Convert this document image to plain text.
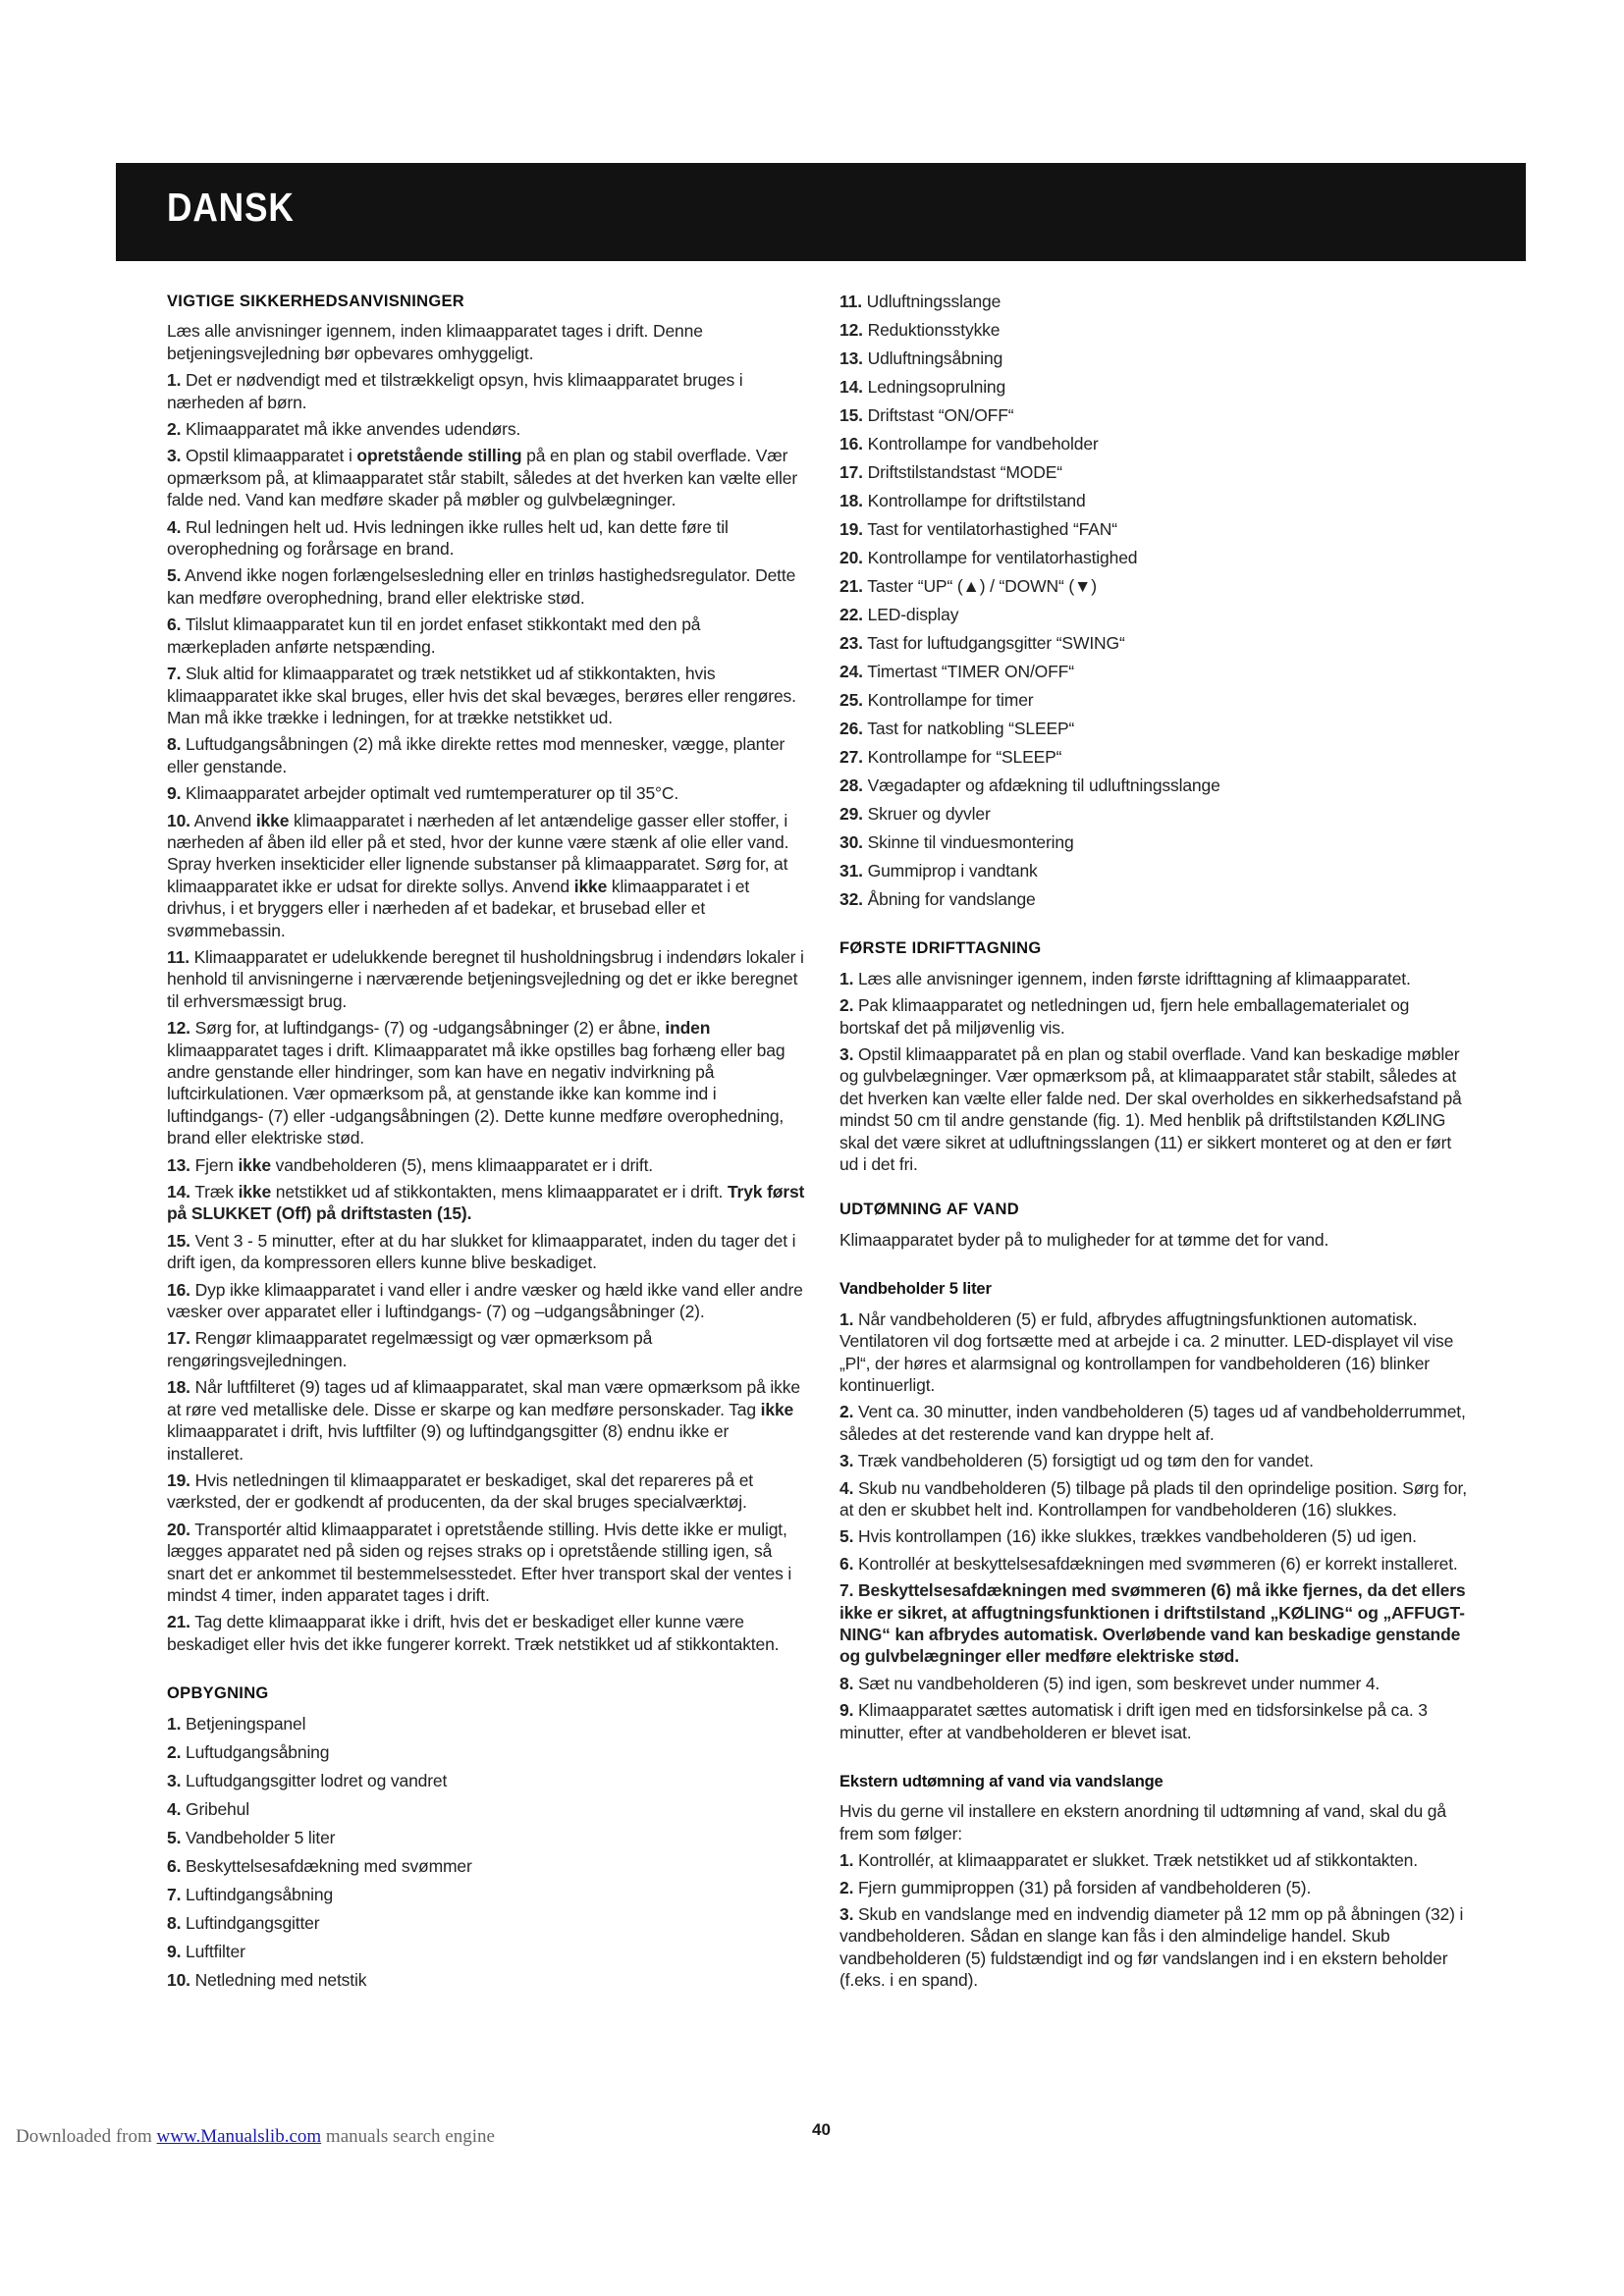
DANSK
VIGTIGE SIKKERHEDSANVISNINGER

Læs alle anvisninger igennem, inden klimaapparatet tages i drift. Denne betjeningsvejledning bør opbevares omhyggeligt.

1. Det er nødvendigt med et tilstrækkeligt opsyn, hvis klimaapparatet bruges i nærheden af børn.

2. Klimaapparatet må ikke anvendes udendørs.

3. Opstil klimaapparatet i opretstående stilling på en plan og stabil overflade. Vær opmærksom på, at klimaapparatet står stabilt, således at det hverken kan vælte eller falde ned. Vand kan medføre skader på møbler og gulvbelægninger.

4. Rul ledningen helt ud. Hvis ledningen ikke rulles helt ud, kan dette føre til overophedning og forårsage en brand.

5. Anvend ikke nogen forlængelsesledning eller en trinløs hastighedsregulator. Dette kan medføre overophedning, brand eller elektriske stød.

6. Tilslut klimaapparatet kun til en jordet enfaset stikkontakt med den på mærkepladen anførte netspænding.

7. Sluk altid for klimaapparatet og træk netstikket ud af stikkontakten, hvis klimaapparatet ikke skal bruges, eller hvis det skal bevæges, berøres eller rengøres. Man må ikke trække i ledningen, for at trække netstikket ud.

8. Luftudgangsåbningen (2) må ikke direkte rettes mod mennesker, vægge, planter eller genstande.

9. Klimaapparatet arbejder optimalt ved rumtemperaturer op til 35°C.

10. Anvend ikke klimaapparatet i nærheden af let antændelige gasser eller stoffer, i nærheden af åben ild eller på et sted, hvor der kunne være stænk af olie eller vand. Spray hverken insekticider eller lignende substanser på klimaapparatet. Sørg for, at klimaapparatet ikke er udsat for direkte sollys. Anvend ikke klimaapparatet i et drivhus, i et bryggers eller i nærheden af et badekar, et brusebad eller et svømmebassin.

11. Klimaapparatet er udelukkende beregnet til husholdningsbrug i indendørs lokaler i henhold til anvisningerne i nærværende betjeningsvejledning og det er ikke beregnet til erhversmæssigt brug.

12. Sørg for, at luftindgangs- (7) og -udgangsåbninger (2) er åbne, inden klimaapparatet tages i drift. Klimaapparatet må ikke opstilles bag forhæng eller bag andre genstande eller hindringer, som kan have en negativ indvirkning på luftcirkulationen. Vær opmærksom på, at genstande ikke kan komme ind i luftindgangs- (7) eller -udgangsåbningen (2). Dette kunne medføre overophedning, brand eller elektriske stød.

13. Fjern ikke vandbeholderen (5), mens klimaapparatet er i drift.

14. Træk ikke netstikket ud af stikkontakten, mens klimaapparatet er i drift. Tryk først på SLUKKET (Off) på driftstasten (15).

15. Vent 3 - 5 minutter, efter at du har slukket for klimaapparatet, inden du tager det i drift igen, da kompressoren ellers kunne blive beskadiget.

16. Dyp ikke klimaapparatet i vand eller i andre væsker og hæld ikke vand eller andre væsker over apparatet eller i luftindgangs- (7) og –udgangsåbninger (2).

17. Rengør klimaapparatet regelmæssigt og vær opmærksom på rengøringsvejledningen.

18. Når luftfilteret (9) tages ud af klimaapparatet, skal man være opmærksom på ikke at røre ved metalliske dele. Disse er skarpe og kan medføre personskader. Tag ikke klimaapparatet i drift, hvis luftfilter (9) og luftindgangsgitter (8) endnu ikke er installeret.

19. Hvis netledningen til klimaapparatet er beskadiget, skal det repareres på et værksted, der er godkendt af producenten, da der skal bruges specialværktøj.

20. Transportér altid klimaapparatet i opretstående stilling. Hvis dette ikke er muligt, lægges apparatet ned på siden og rejses straks op i opretstående stilling igen, så snart det er ankommet til bestemmelsesstedet. Efter hver transport skal der ventes i mindst 4 timer, inden apparatet tages i drift.

21. Tag dette klimaapparat ikke i drift, hvis det er beskadiget eller kunne være beskadiget eller hvis det ikke fungerer korrekt. Træk netstikket ud af stikkontakten.

OPBYGNING

1. Betjeningspanel

2. Luftudgangsåbning

3. Luftudgangsgitter lodret og vandret

4. Gribehul

5. Vandbeholder 5 liter

6. Beskyttelsesafdækning med svømmer

7. Luftindgangsåbning

8. Luftindgangsgitter

9. Luftfilter

10. Netledning med netstik

11. Udluftningsslange

12. Reduktionsstykke

13. Udluftningsåbning

14. Ledningsoprulning

15. Driftstast “ON/OFF“

16. Kontrollampe for vandbeholder

17. Driftstilstandstast “MODE“

18. Kontrollampe for driftstilstand

19. Tast for ventilatorhastighed “FAN“

20. Kontrollampe for ventilatorhastighed

21. Taster “UP“ (▲) / “DOWN“ (▼)

22. LED-display

23. Tast for luftudgangsgitter “SWING“

24. Timertast “TIMER ON/OFF“

25. Kontrollampe for timer

26. Tast for natkobling “SLEEP“

27. Kontrollampe for “SLEEP“

28. Vægadapter og afdækning til udluftningsslange

29. Skruer og dyvler

30. Skinne til vinduesmontering

31. Gummiprop i vandtank

32. Åbning for vandslange

FØRSTE IDRIFTTAGNING

1. Læs alle anvisninger igennem, inden første idrifttagning af klimaapparatet.

2. Pak klimaapparatet og netledningen ud, fjern hele emballagematerialet og bortskaf det på miljøvenlig vis.

3. Opstil klimaapparatet på en plan og stabil overflade. Vand kan beskadige møbler og gulvbelægninger. Vær opmærksom på, at klimaapparatet står stabilt, således at det hverken kan vælte eller falde ned. Der skal overholdes en sikkerhedsafstand på mindst 50 cm til andre genstande (fig. 1). Med henblik på driftstilstanden KØLING skal det være sikret at udluftningsslangen (11) er sikkert monteret og at den er ført ud i det fri.

UDTØMNING AF VAND

Klimaapparatet byder på to muligheder for at tømme det for vand.

Vandbeholder 5 liter

1. Når vandbeholderen (5) er fuld, afbrydes affugtningsfunktionen automatisk. Ventilatoren vil dog fortsætte med at arbejde i ca. 2 minutter. LED-displayet vil vise „Pl“, der høres et alarmsignal og kontrollampen for vandbeholderen (16) blinker kontinuerligt.

2. Vent ca. 30 minutter, inden vandbeholderen (5) tages ud af vandbeholderrummet, således at det resterende vand kan dryppe helt af.

3. Træk vandbeholderen (5) forsigtigt ud og tøm den for vandet.

4. Skub nu vandbeholderen (5) tilbage på plads til den oprindelige position. Sørg for, at den er skubbet helt ind. Kontrollampen for vandbeholderen (16) slukkes.

5. Hvis kontrollampen (16) ikke slukkes, trækkes vandbeholderen (5) ud igen.

6. Kontrollér at beskyttelsesafdækningen med svømmeren (6) er korrekt installeret.

7. Beskyttelsesafdækningen med svømmeren (6) må ikke fjernes, da det ellers ikke er sikret, at affugtningsfunktionen i driftstilstand „KØLING“ og „AFFUGT-NING“ kan afbrydes automatisk. Overløbende vand kan beskadige genstande og gulvbelægninger eller medføre elektriske stød.

8. Sæt nu vandbeholderen (5) ind igen, som beskrevet under nummer 4.

9. Klimaapparatet sættes automatisk i drift igen med en tidsforsinkelse på ca. 3 minutter, efter at vandbeholderen er blevet isat.

Ekstern udtømning af vand via vandslange

Hvis du gerne vil installere en ekstern anordning til udtømning af vand, skal du gå frem som følger:

1. Kontrollér, at klimaapparatet er slukket. Træk netstikket ud af stikkontakten.

2. Fjern gummiproppen (31) på forsiden af vandbeholderen (5).

3. Skub en vandslange med en indvendig diameter på 12 mm op på åbningen (32) i vandbeholderen. Sådan en slange kan fås i den almindelige handel. Skub vandbeholderen (5) fuldstændigt ind og før vandslangen ind i en ekstern beholder (f.eks. i en spand).

40

Downloaded from www.Manualslib.com manuals search engine
